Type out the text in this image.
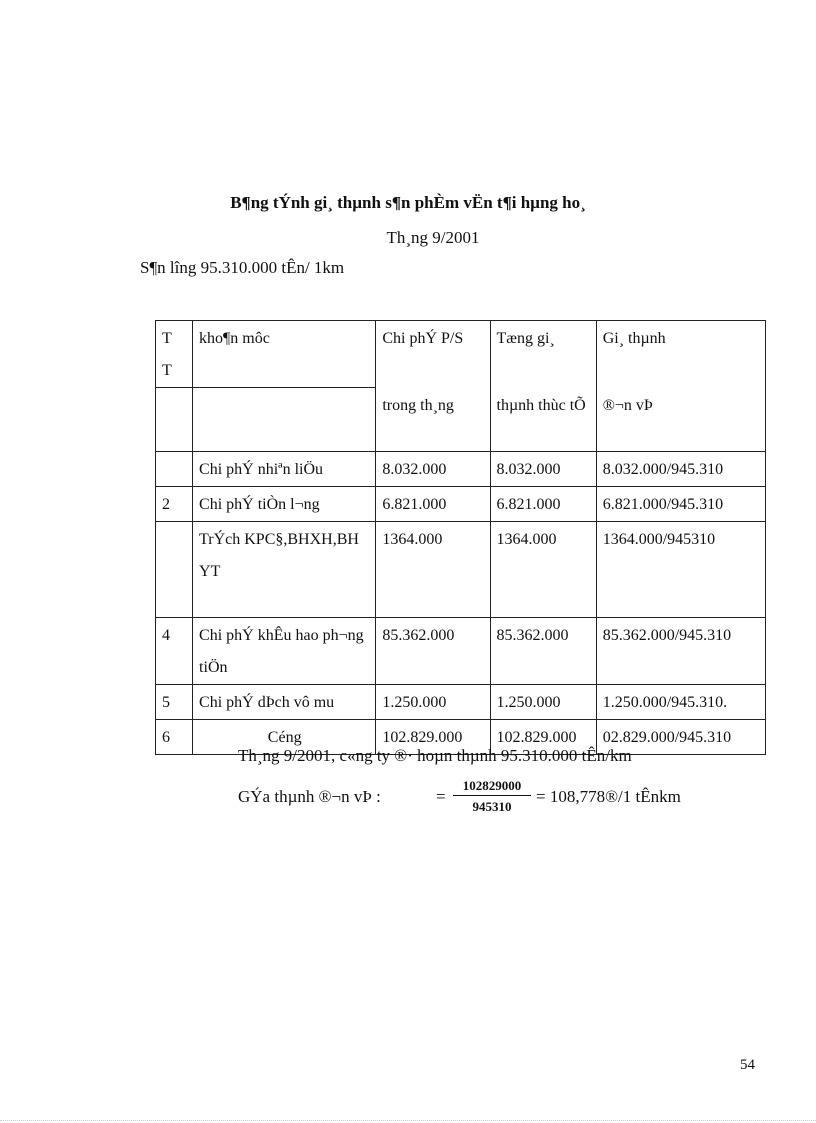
B¶ng tÝnh gi¸ thµnh s¶n phÈm vËn t¶i hµng ho¸
Th¸ng 9/2001
S¶n lîng 95.310.000 tÊn/ 1km
T
T	kho¶n môc	Chi phÝ P/S	Tæng gi¸	Gi¸ thµnh
		trong th¸ng	thµnh thùc tÕ	®¬n vÞ
	Chi phÝ nhiªn liÖu	8.032.000	8.032.000	8.032.000/945.310
2	Chi phÝ tiÒn l¬ng	6.821.000	6.821.000	6.821.000/945.310
	TrÝch KPC§,BHXH,BHYT	1364.000	1364.000	1364.000/945310
4	Chi phÝ khÊu hao ph¬ng tiÖn	85.362.000	85.362.000	85.362.000/945.310
5	Chi phÝ dÞch vô mu	1.250.000	1.250.000	1.250.000/945.310.
6	Céng	102.829.000	102.829.000	02.829.000/945.310
Th¸ng 9/2001, c«ng ty ®· hoµn thµnh 95.310.000 tÊn/km
GÝa thµnh ®¬n vÞ :	= $\frac{102829000}{945310}$ = 108,778®/1 tÊnkm
54
